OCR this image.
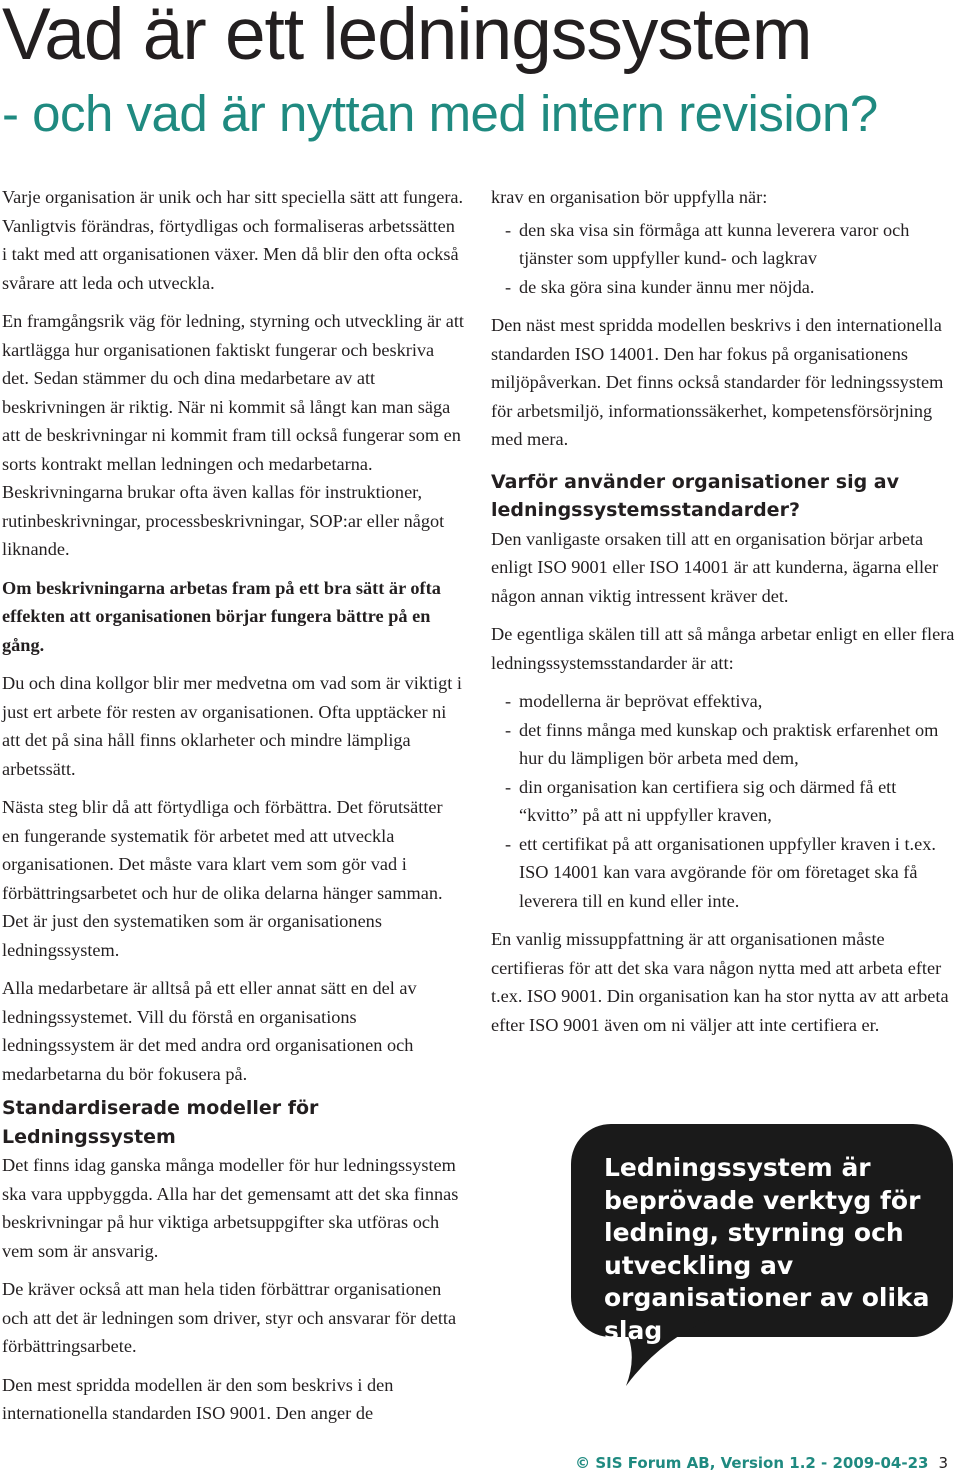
Vad är ett ledningssystem
- och vad är nyttan med intern revision?

Varje organisation är unik och har sitt speciella sätt att fungera. Vanligtvis förändras, förtydligas och formaliseras arbetssätten i takt med att organisationen växer. Men då blir den ofta också svårare att leda och utveckla.

En framgångsrik väg för ledning, styrning och utveckling är att kartlägga hur organisationen faktiskt fungerar och beskriva det. Sedan stämmer du och dina medarbetare av att beskrivningen är riktig. När ni kommit så långt kan man säga att de beskrivningar ni kommit fram till också fungerar som en sorts kontrakt mellan ledningen och medarbetarna. Beskrivningarna brukar ofta även kallas för instruktioner, rutinbeskrivningar, processbeskrivningar, SOP:ar eller något liknande.

Om beskrivningarna arbetas fram på ett bra sätt är ofta effekten att organisationen börjar fungera bättre på en gång.

Du och dina kollgor blir mer medvetna om vad som är viktigt i just ert arbete för resten av organisationen. Ofta upptäcker ni att det på sina håll finns oklarheter och mindre lämpliga arbetssätt.

Nästa steg blir då att förtydliga och förbättra. Det förutsätter en fungerande systematik för arbetet med att utveckla organisationen. Det måste vara klart vem som gör vad i förbättringsarbetet och hur de olika delarna hänger samman. Det är just den systematiken som är organisationens ledningssystem.

Alla medarbetare är alltså på ett eller annat sätt en del av ledningssystemet. Vill du förstå en organisations ledningssystem är det med andra ord organisationen och medarbetarna du bör fokusera på.

Standardiserade modeller för Ledningssystem

Det finns idag ganska många modeller för hur ledningssystem ska vara uppbyggda. Alla har det gemensamt att det ska finnas beskrivningar på hur viktiga arbetsuppgifter ska utföras och vem som är ansvarig.

De kräver också att man hela tiden förbättrar organisationen och att det är ledningen som driver, styr och ansvarar för detta förbättringsarbete.

Den mest spridda modellen är den som beskrivs i den internationella standarden ISO 9001. Den anger de

krav en organisation bör uppfylla när:

- den ska visa sin förmåga att kunna leverera varor och tjänster som uppfyller kund- och lagkrav
- de ska göra sina kunder ännu mer nöjda.

Den näst mest spridda modellen beskrivs i den internationella standarden ISO 14001. Den har fokus på organisationens miljöpåverkan. Det finns också standarder för ledningssystem för arbetsmiljö, informationssäkerhet, kompetensförsörjning med mera.

Varför använder organisationer sig av ledningssystemsstandarder?

Den vanligaste orsaken till att en organisation börjar arbeta enligt ISO 9001 eller ISO 14001 är att kunderna, ägarna eller någon annan viktig intressent kräver det.

De egentliga skälen till att så många arbetar enligt en eller flera ledningssystemsstandarder är att:

- modellerna är beprövat effektiva,
- det finns många med kunskap och praktisk erfarenhet om hur du lämpligen bör arbeta med dem,
- din organisation kan certifiera sig och därmed få ett “kvitto” på att ni uppfyller kraven,
- ett certifikat på att organisationen uppfyller kraven i t.ex. ISO 14001 kan vara avgörande för om företaget ska få leverera till en kund eller inte.

En vanlig missuppfattning är att organisationen måste certifieras för att det ska vara någon nytta med att arbeta efter t.ex. ISO 9001. Din organisation kan ha stor nytta av att arbeta efter ISO 9001 även om ni väljer att inte certifiera er.

Ledningssystem är beprövade verktyg för ledning, styrning och utveckling av organisationer av olika slag

© SIS Forum AB, Version 1.2 - 2009-04-23 3
